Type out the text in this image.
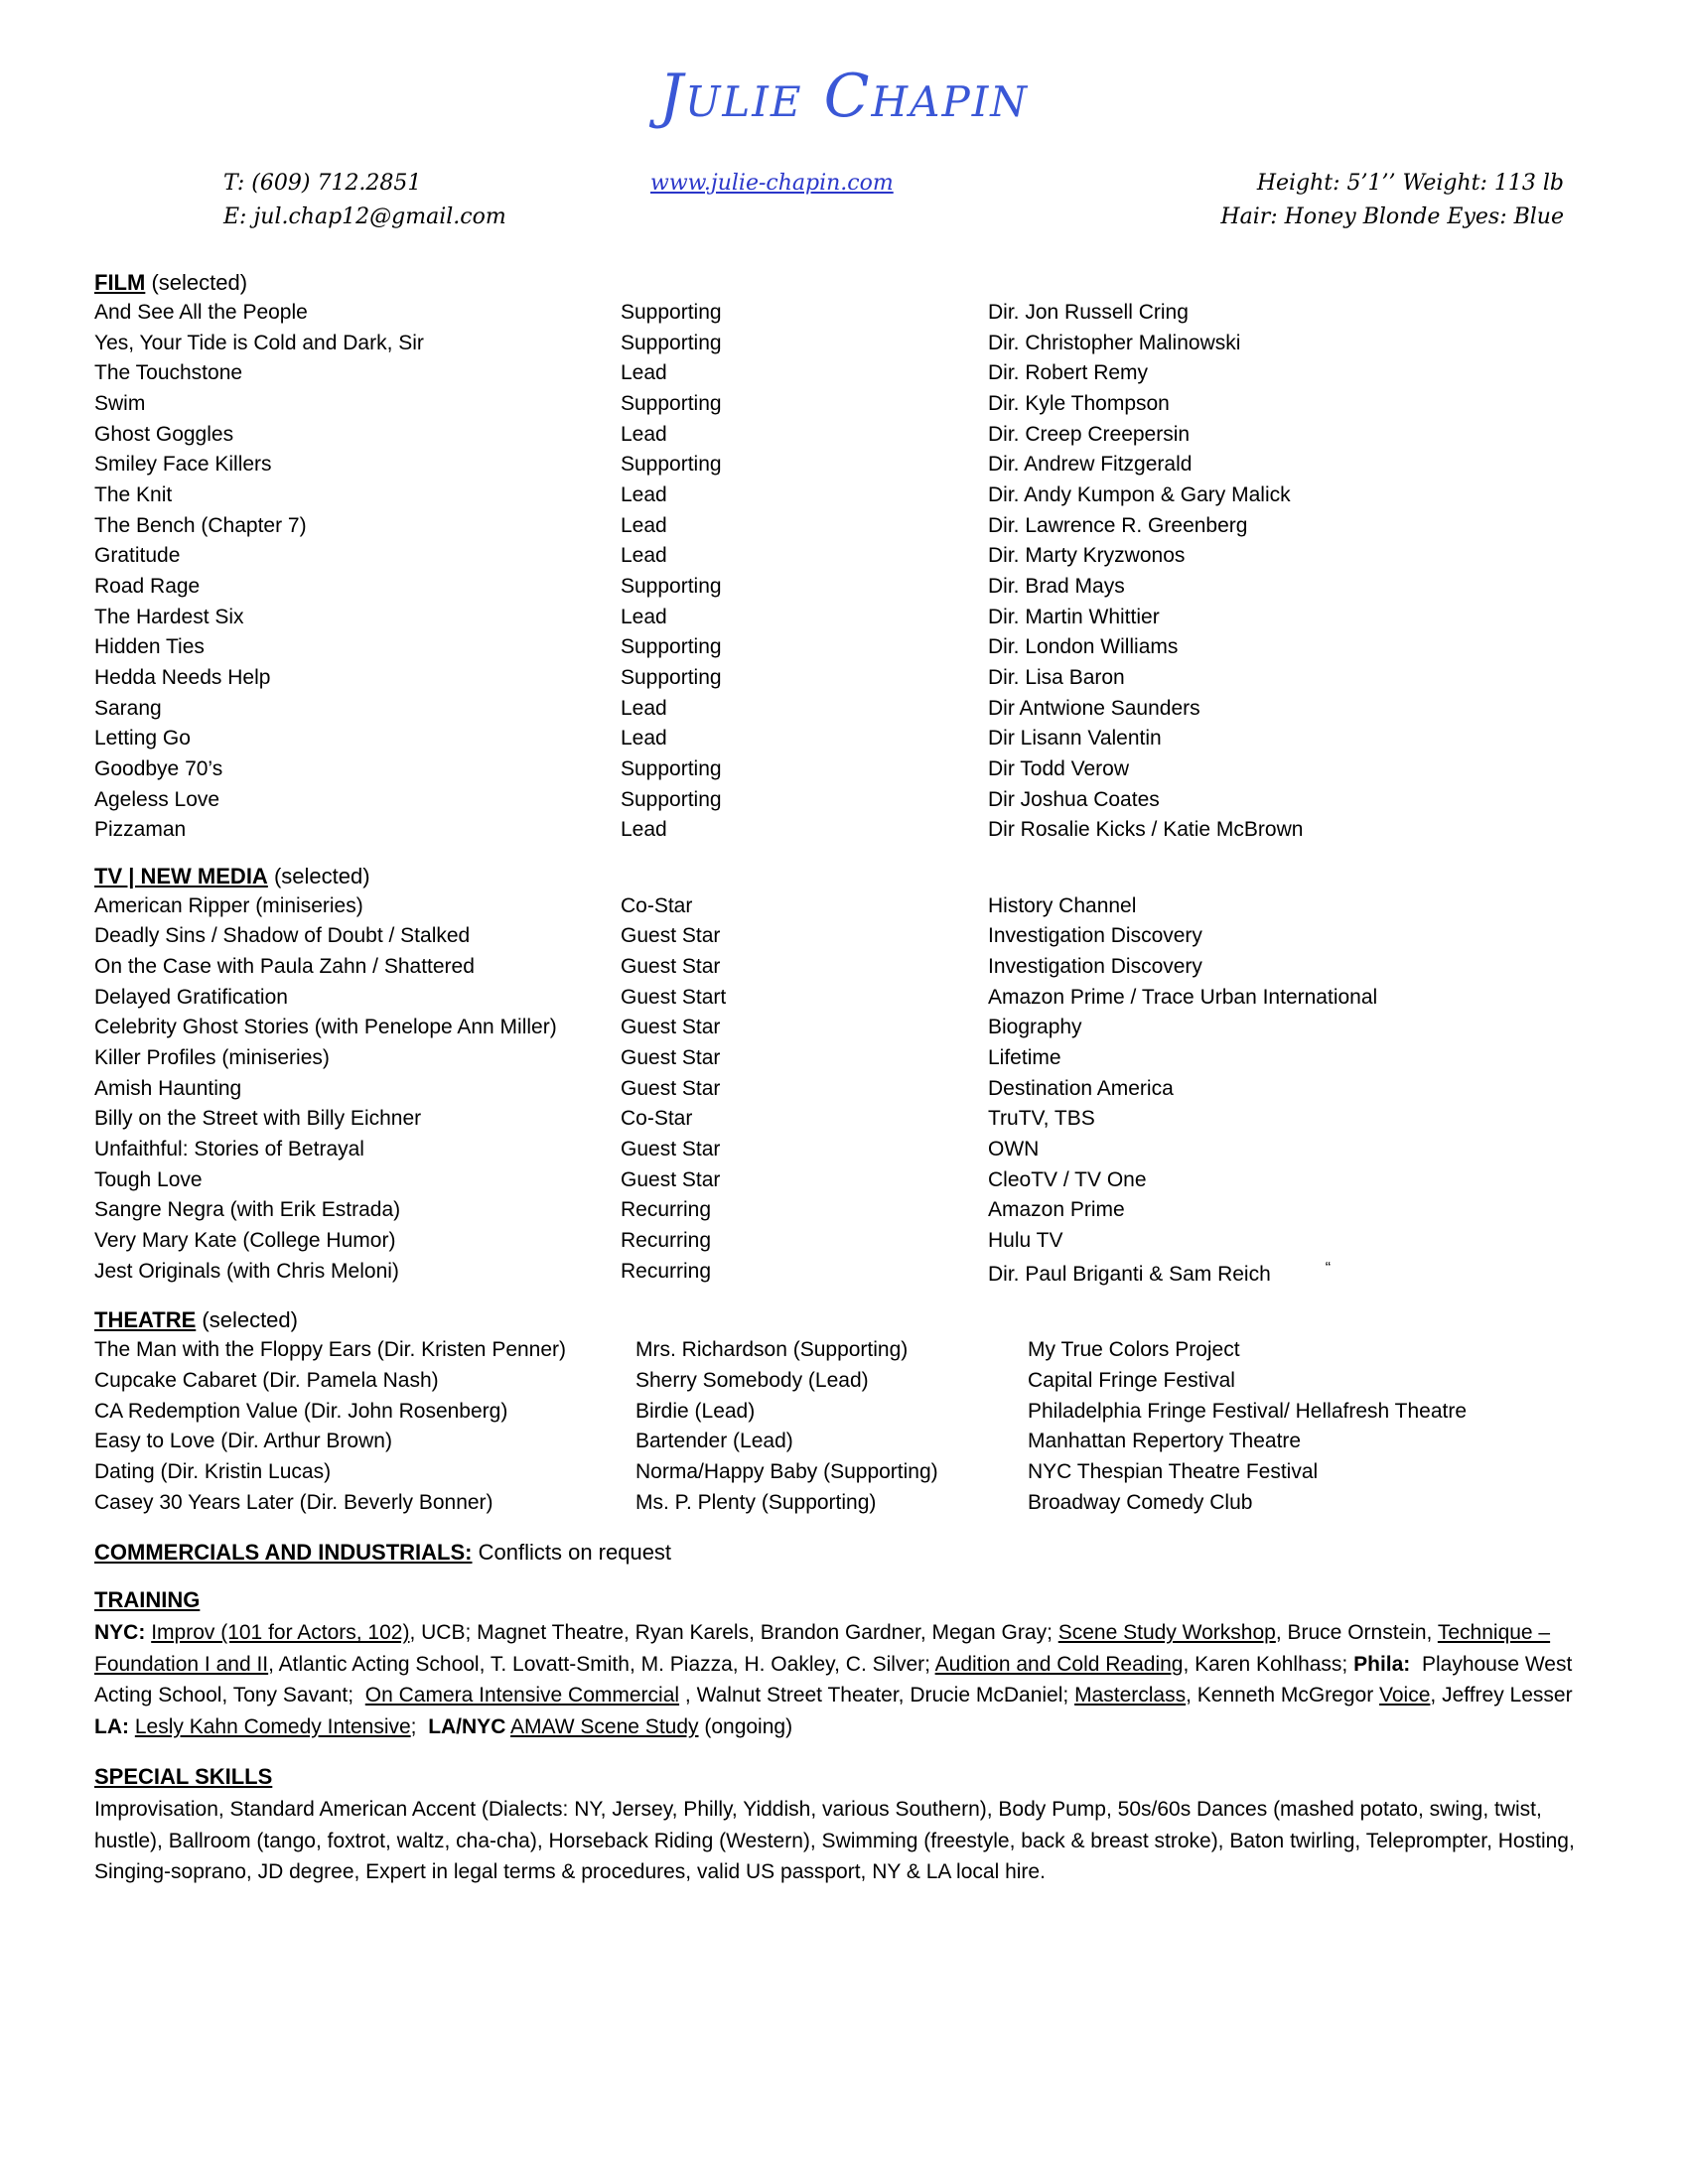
Julie Chapin
T: (609) 712.2851
E: jul.chap12@gmail.com
www.julie-chapin.com	Height: 5’1’’ Weight: 113 lb
Hair: Honey Blonde Eyes: Blue
FILM (selected)
And See All the People	Supporting	Dir. Jon Russell Cring
Yes, Your Tide is Cold and Dark, Sir	Supporting	Dir. Christopher Malinowski
The Touchstone	Lead	Dir. Robert Remy
Swim	Supporting	Dir. Kyle Thompson
Ghost Goggles	Lead	Dir. Creep Creepersin
Smiley Face Killers	Supporting	Dir. Andrew Fitzgerald
The Knit	Lead	Dir. Andy Kumpon & Gary Malick
The Bench (Chapter 7)	Lead	Dir. Lawrence R. Greenberg
Gratitude	Lead	Dir. Marty Kryzwonos
Road Rage	Supporting	Dir. Brad Mays
The Hardest Six	Lead	Dir. Martin Whittier
Hidden Ties	Supporting	Dir. London Williams
Hedda Needs Help	Supporting	Dir. Lisa Baron
Sarang	Lead	Dir Antwione Saunders
Letting Go	Lead	Dir Lisann Valentin
Goodbye 70’s	Supporting	Dir Todd Verow
Ageless Love	Supporting	Dir Joshua Coates
Pizzaman	Lead	Dir Rosalie Kicks / Katie McBrown
TV | NEW MEDIA (selected)
American Ripper (miniseries)	Co-Star	History Channel
Deadly Sins / Shadow of Doubt / Stalked	Guest Star	Investigation Discovery
On the Case with Paula Zahn / Shattered	Guest Star	Investigation Discovery
Delayed Gratification	Guest Start	Amazon Prime / Trace Urban International
Celebrity Ghost Stories (with Penelope Ann Miller)	Guest Star	Biography
Killer Profiles (miniseries)	Guest Star	Lifetime
Amish Haunting	Guest Star	Destination America
Billy on the Street with Billy Eichner	Co-Star	TruTV, TBS
Unfaithful: Stories of Betrayal	Guest Star	OWN
Tough Love	Guest Star	CleoTV / TV One
Sangre Negra (with Erik Estrada)	Recurring	Amazon Prime
Very Mary Kate (College Humor)	Recurring	Hulu TV
Jest Originals (with Chris Meloni)	Recurring	Dir. Paul Briganti & Sam Reich	“
THEATRE (selected)
The Man with the Floppy Ears (Dir. Kristen Penner)	Mrs. Richardson (Supporting)	My True Colors Project
Cupcake Cabaret (Dir. Pamela Nash)	Sherry Somebody (Lead)	Capital Fringe Festival
CA Redemption Value (Dir. John Rosenberg)	Birdie (Lead)	Philadelphia Fringe Festival/ Hellafresh Theatre
Easy to Love (Dir. Arthur Brown)	Bartender (Lead)	Manhattan Repertory Theatre
Dating (Dir. Kristin Lucas)	Norma/Happy Baby (Supporting)	NYC Thespian Theatre Festival
Casey 30 Years Later (Dir. Beverly Bonner)	Ms. P. Plenty (Supporting)	Broadway Comedy Club
COMMERCIALS AND INDUSTRIALS: Conflicts on request
TRAINING
NYC: Improv (101 for Actors, 102), UCB; Magnet Theatre, Ryan Karels, Brandon Gardner, Megan Gray; Scene Study Workshop, Bruce Ornstein, Technique – Foundation I and II, Atlantic Acting School, T. Lovatt-Smith, M. Piazza, H. Oakley, C. Silver; Audition and Cold Reading, Karen Kohlhass; Phila:  Playhouse West Acting School, Tony Savant;  On Camera Intensive Commercial , Walnut Street Theater, Drucie McDaniel; Masterclass, Kenneth McGregor Voice, Jeffrey Lesser  LA: Lesly Kahn Comedy Intensive;  LA/NYC AMAW Scene Study (ongoing)
SPECIAL SKILLS
Improvisation, Standard American Accent (Dialects: NY, Jersey, Philly, Yiddish, various Southern), Body Pump, 50s/60s Dances (mashed potato, swing, twist, hustle), Ballroom (tango, foxtrot, waltz, cha-cha), Horseback Riding (Western), Swimming (freestyle, back & breast stroke), Baton twirling, Teleprompter, Hosting, Singing-soprano, JD degree, Expert in legal terms & procedures, valid US passport, NY & LA local hire.
